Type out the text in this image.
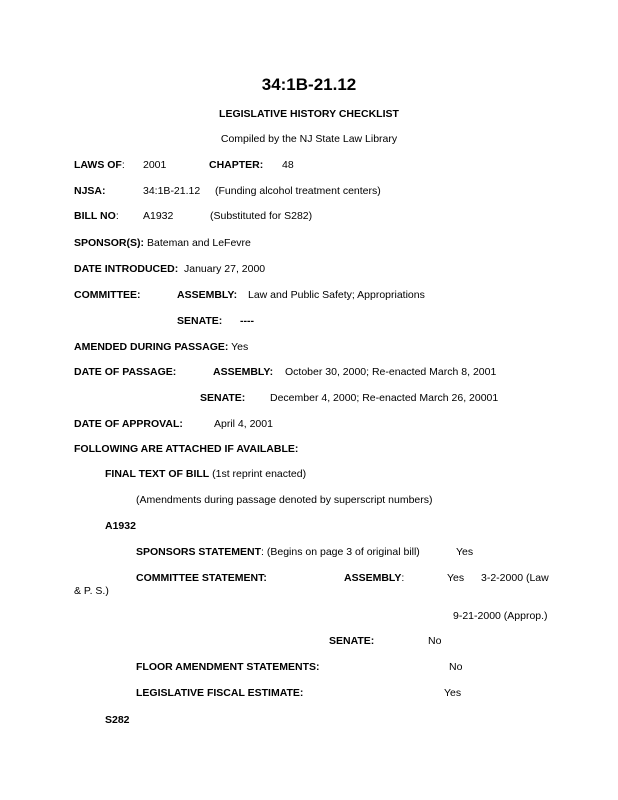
34:1B-21.12
LEGISLATIVE HISTORY CHECKLIST
Compiled by the NJ State Law Library
LAWS OF: 2001	CHAPTER: 48
NJSA:	34:1B-21.12 (Funding alcohol treatment centers)
BILL NO: A1932	(Substituted for S282)
SPONSOR(S): Bateman and LeFevre
DATE INTRODUCED: January 27, 2000
COMMITTEE:	ASSEMBLY: Law and Public Safety; Appropriations
SENATE: ----
AMENDED DURING PASSAGE: Yes
DATE OF PASSAGE:	ASSEMBLY: October 30, 2000; Re-enacted March 8, 2001
SENATE: December 4, 2000; Re-enacted March 26, 20001
DATE OF APPROVAL:	April 4, 2001
FOLLOWING ARE ATTACHED IF AVAILABLE:
FINAL TEXT OF BILL (1st reprint enacted)
(Amendments during passage denoted by superscript numbers)
A1932
SPONSORS STATEMENT: (Begins on page 3 of original bill)	Yes
COMMITTEE STATEMENT:	ASSEMBLY:	Yes 3-2-2000 (Law
& P. S.)
9-21-2000 (Approp.)
SENATE:	No
FLOOR AMENDMENT STATEMENTS:	No
LEGISLATIVE FISCAL ESTIMATE:	Yes
S282
